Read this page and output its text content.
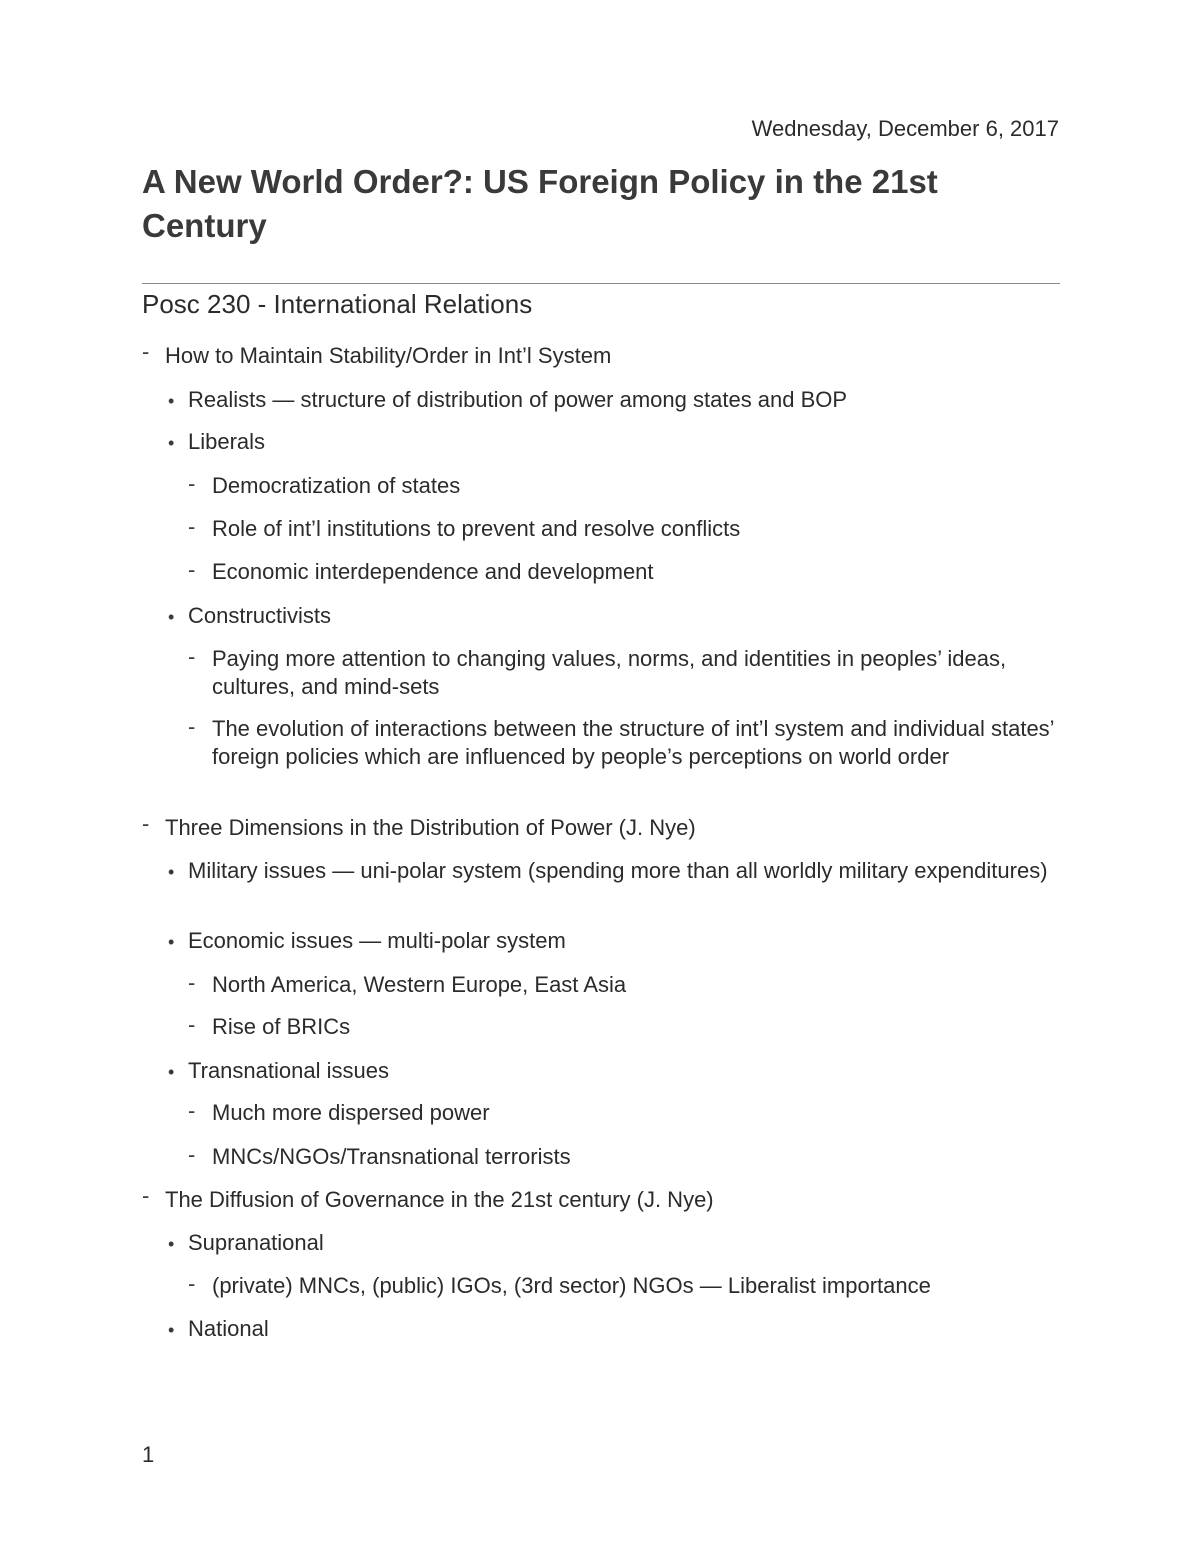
Wednesday, December 6, 2017
A New World Order?: US Foreign Policy in the 21st Century
Posc 230 - International Relations
- How to Maintain Stability/Order in Int’l System
• Realists — structure of distribution of power among states and BOP
• Liberals
- Democratization of states
- Role of int’l institutions to prevent and resolve conflicts
- Economic interdependence and development
• Constructivists
- Paying more attention to changing values, norms, and identities in peoples’ ideas, cultures, and mind-sets
- The evolution of interactions between the structure of int’l system and individual states’ foreign policies which are influenced by people’s perceptions on world order
- Three Dimensions in the Distribution of Power (J. Nye)
• Military issues — uni-polar system (spending more than all worldly military expenditures)
• Economic issues — multi-polar system
- North America, Western Europe, East Asia
- Rise of BRICs
• Transnational issues
- Much more dispersed power
- MNCs/NGOs/Transnational terrorists
- The Diffusion of Governance in the 21st century (J. Nye)
• Supranational
- (private) MNCs, (public) IGOs, (3rd sector) NGOs — Liberalist importance
• National
1
